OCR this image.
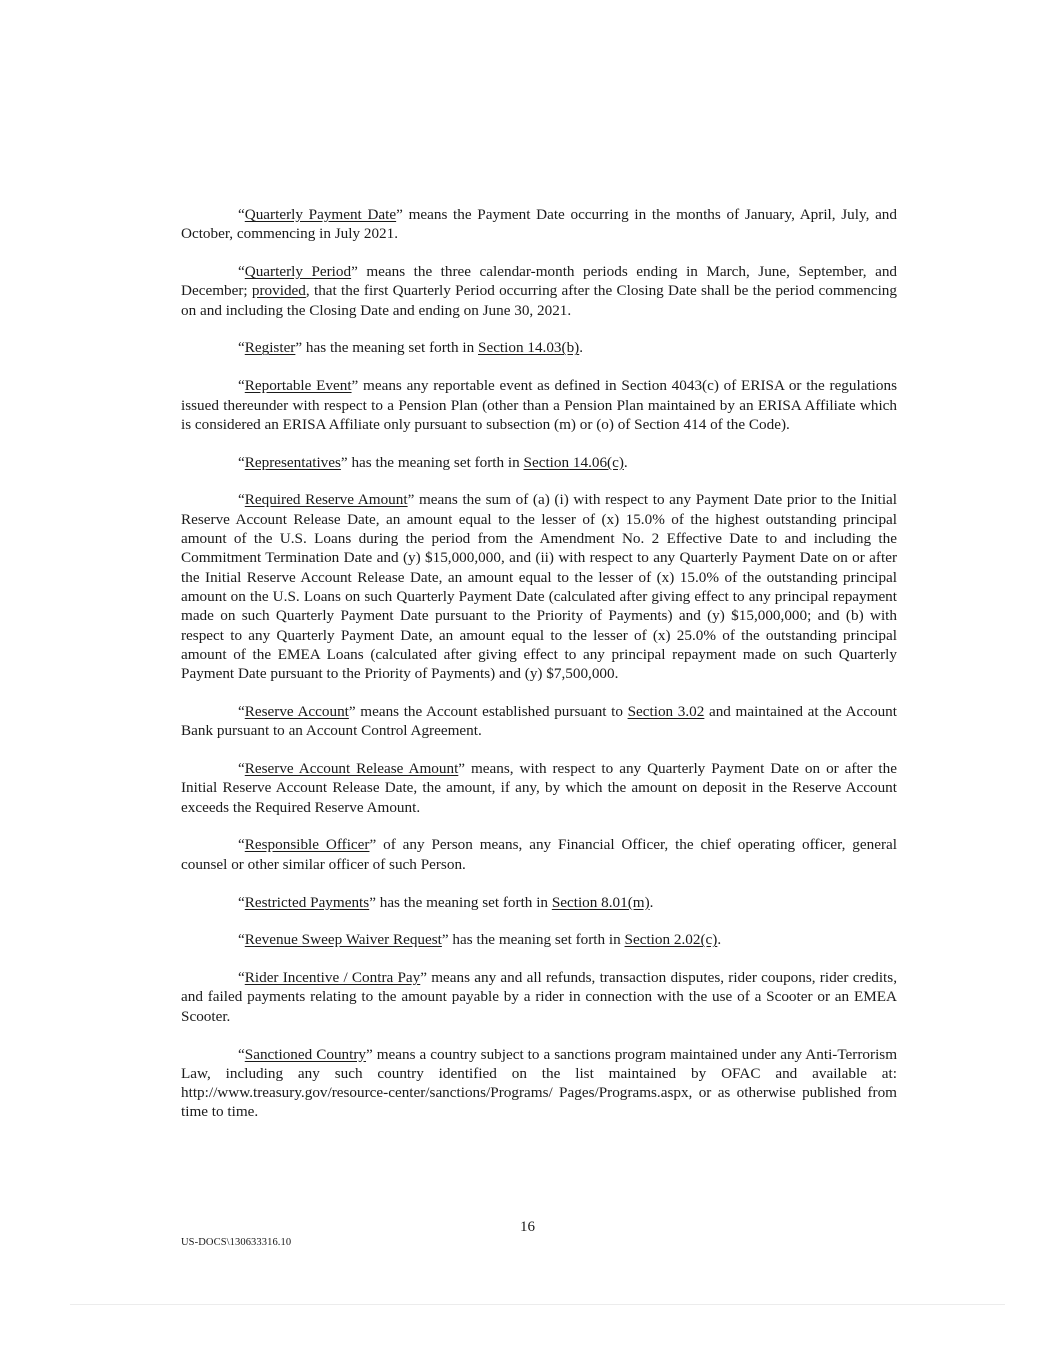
“Quarterly Payment Date” means the Payment Date occurring in the months of January, April, July, and October, commencing in July 2021.

“Quarterly Period” means the three calendar-month periods ending in March, June, September, and December; provided, that the first Quarterly Period occurring after the Closing Date shall be the period commencing on and including the Closing Date and ending on June 30, 2021.

“Register” has the meaning set forth in Section 14.03(b).

“Reportable Event” means any reportable event as defined in Section 4043(c) of ERISA or the regulations issued thereunder with respect to a Pension Plan (other than a Pension Plan maintained by an ERISA Affiliate which is considered an ERISA Affiliate only pursuant to subsection (m) or (o) of Section 414 of the Code).

“Representatives” has the meaning set forth in Section 14.06(c).

“Required Reserve Amount” means the sum of (a) (i) with respect to any Payment Date prior to the Initial Reserve Account Release Date, an amount equal to the lesser of (x) 15.0% of the highest outstanding principal amount of the U.S. Loans during the period from the Amendment No. 2 Effective Date to and including the Commitment Termination Date and (y) $15,000,000, and (ii) with respect to any Quarterly Payment Date on or after the Initial Reserve Account Release Date, an amount equal to the lesser of (x) 15.0% of the outstanding principal amount on the U.S. Loans on such Quarterly Payment Date (calculated after giving effect to any principal repayment made on such Quarterly Payment Date pursuant to the Priority of Payments) and (y) $15,000,000; and (b) with respect to any Quarterly Payment Date, an amount equal to the lesser of (x) 25.0% of the outstanding principal amount of the EMEA Loans (calculated after giving effect to any principal repayment made on such Quarterly Payment Date pursuant to the Priority of Payments) and (y) $7,500,000.

“Reserve Account” means the Account established pursuant to Section 3.02 and maintained at the Account Bank pursuant to an Account Control Agreement.

“Reserve Account Release Amount” means, with respect to any Quarterly Payment Date on or after the Initial Reserve Account Release Date, the amount, if any, by which the amount on deposit in the Reserve Account exceeds the Required Reserve Amount.

“Responsible Officer” of any Person means, any Financial Officer, the chief operating officer, general counsel or other similar officer of such Person.

“Restricted Payments” has the meaning set forth in Section 8.01(m).

“Revenue Sweep Waiver Request” has the meaning set forth in Section 2.02(c).

“Rider Incentive / Contra Pay” means any and all refunds, transaction disputes, rider coupons, rider credits, and failed payments relating to the amount payable by a rider in connection with the use of a Scooter or an EMEA Scooter.

“Sanctioned Country” means a country subject to a sanctions program maintained under any Anti-Terrorism Law, including any such country identified on the list maintained by OFAC and available at: http://www.treasury.gov/resource-center/sanctions/Programs/ Pages/Programs.aspx, or as otherwise published from time to time.

16
US-DOCS\130633316.10
